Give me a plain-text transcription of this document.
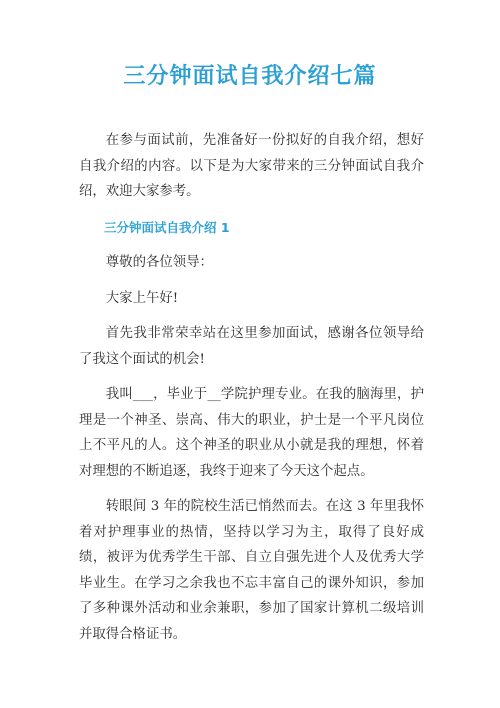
三分钟面试自我介绍七篇

在参与面试前，先准备好一份拟好的自我介绍，想好自我介绍的内容。以下是为大家带来的三分钟面试自我介绍，欢迎大家参考。

三分钟面试自我介绍 1

尊敬的各位领导：

大家上午好!

首先我非常荣幸站在这里参加面试，感谢各位领导给了我这个面试的机会!

我叫___，毕业于__学院护理专业。在我的脑海里，护理是一个神圣、崇高、伟大的职业，护士是一个平凡岗位上不平凡的人。这个神圣的职业从小就是我的理想，怀着对理想的不断追逐，我终于迎来了今天这个起点。

转眼间 3 年的院校生活已悄然而去。在这 3 年里我怀着对护理事业的热情，坚持以学习为主，取得了良好成绩，被评为优秀学生干部、自立自强先进个人及优秀大学毕业生。在学习之余我也不忘丰富自己的课外知识，参加了多种课外活动和业余兼职，参加了国家计算机二级培训并取得合格证书。
